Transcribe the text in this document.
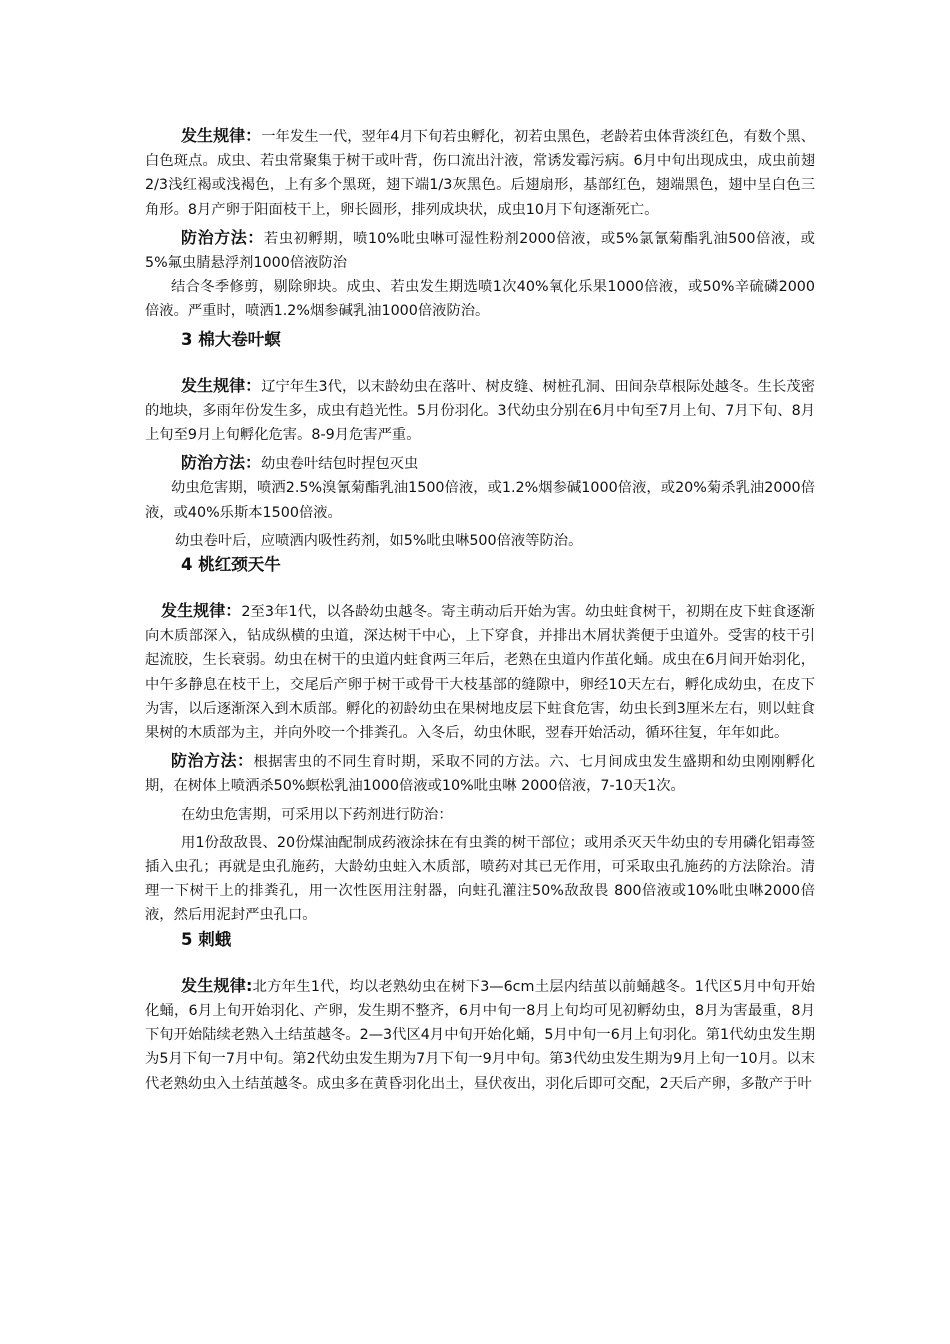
发生规律：一年发生一代，翌年4月下旬若虫孵化，初若虫黑色，老龄若虫体背淡红色，有数个黑、白色斑点。成虫、若虫常聚集于树干或叶背，伤口流出汁液，常诱发霉污病。6月中旬出现成虫，成虫前翅2/3浅红褐或浅褐色，上有多个黑斑，翅下端1/3灰黑色。后翅扇形，基部红色，翅端黑色，翅中呈白色三角形。8月产卵于阳面枝干上，卵长圆形，排列成块状，成虫10月下旬逐渐死亡。

防治方法：若虫初孵期，喷10%吡虫啉可湿性粉剂2000倍液，或5%氯氰菊酯乳油500倍液，或5%氟虫腈悬浮剂1000倍液防治

结合冬季修剪，剔除卵块。成虫、若虫发生期选喷1次40%氧化乐果1000倍液，或50%辛硫磷2000倍液。严重时，喷洒1.2%烟参碱乳油1000倍液防治。

3 棉大卷叶螟

发生规律：辽宁年生3代，以末龄幼虫在落叶、树皮缝、树桩孔洞、田间杂草根际处越冬。生长茂密的地块，多雨年份发生多，成虫有趋光性。5月份羽化。3代幼虫分别在6月中旬至7月上旬、7月下旬、8月上旬至9月上旬孵化危害。8-9月危害严重。

防治方法：幼虫卷叶结包时捏包灭虫

幼虫危害期，喷洒2.5%溴氰菊酯乳油1500倍液，或1.2%烟参碱1000倍液，或20%菊杀乳油2000倍液，或40%乐斯本1500倍液。

幼虫卷叶后，应喷洒内吸性药剂，如5%吡虫啉500倍液等防治。

4 桃红颈天牛

发生规律：2至3年1代，以各龄幼虫越冬。寄主萌动后开始为害。幼虫蛀食树干，初期在皮下蛀食逐渐向木质部深入，钻成纵横的虫道，深达树干中心，上下穿食，并排出木屑状粪便于虫道外。受害的枝干引起流胶，生长衰弱。幼虫在树干的虫道内蛀食两三年后，老熟在虫道内作茧化蛹。成虫在6月间开始羽化，中午多静息在枝干上，交尾后产卵于树干或骨干大枝基部的缝隙中，卵经10天左右，孵化成幼虫，在皮下为害，以后逐渐深入到木质部。孵化的初龄幼虫在果树地皮层下蛀食危害，幼虫长到3厘米左右，则以蛀食果树的木质部为主，并向外咬一个排粪孔。入冬后，幼虫休眠，翌春开始活动，循环往复，年年如此。

防治方法：根据害虫的不同生育时期，采取不同的方法。六、七月间成虫发生盛期和幼虫刚刚孵化期，在树体上喷洒杀50%螟松乳油1000倍液或10%吡虫啉 2000倍液，7-10天1次。

在幼虫危害期，可采用以下药剂进行防治：

用1份敌敌畏、20份煤油配制成药液涂抹在有虫粪的树干部位；或用杀灭天牛幼虫的专用磷化铝毒签插入虫孔；再就是虫孔施药，大龄幼虫蛀入木质部，喷药对其已无作用，可采取虫孔施药的方法除治。清理一下树干上的排粪孔，用一次性医用注射器，向蛀孔灌注50%敌敌畏 800倍液或10%吡虫啉2000倍液，然后用泥封严虫孔口。

5 刺蛾

发生规律:北方年生1代，均以老熟幼虫在树下3—6cm土层内结茧以前蛹越冬。1代区5月中旬开始化蛹，6月上旬开始羽化、产卵，发生期不整齐，6月中旬一8月上旬均可见初孵幼虫，8月为害最重，8月下旬开始陆续老熟入土结茧越冬。2—3代区4月中旬开始化蛹，5月中旬一6月上旬羽化。第1代幼虫发生期为5月下旬一7月中旬。第2代幼虫发生期为7月下旬一9月中旬。第3代幼虫发生期为9月上旬一10月。以末代老熟幼虫入土结茧越冬。成虫多在黄昏羽化出土，昼伏夜出，羽化后即可交配，2天后产卵，多散产于叶
